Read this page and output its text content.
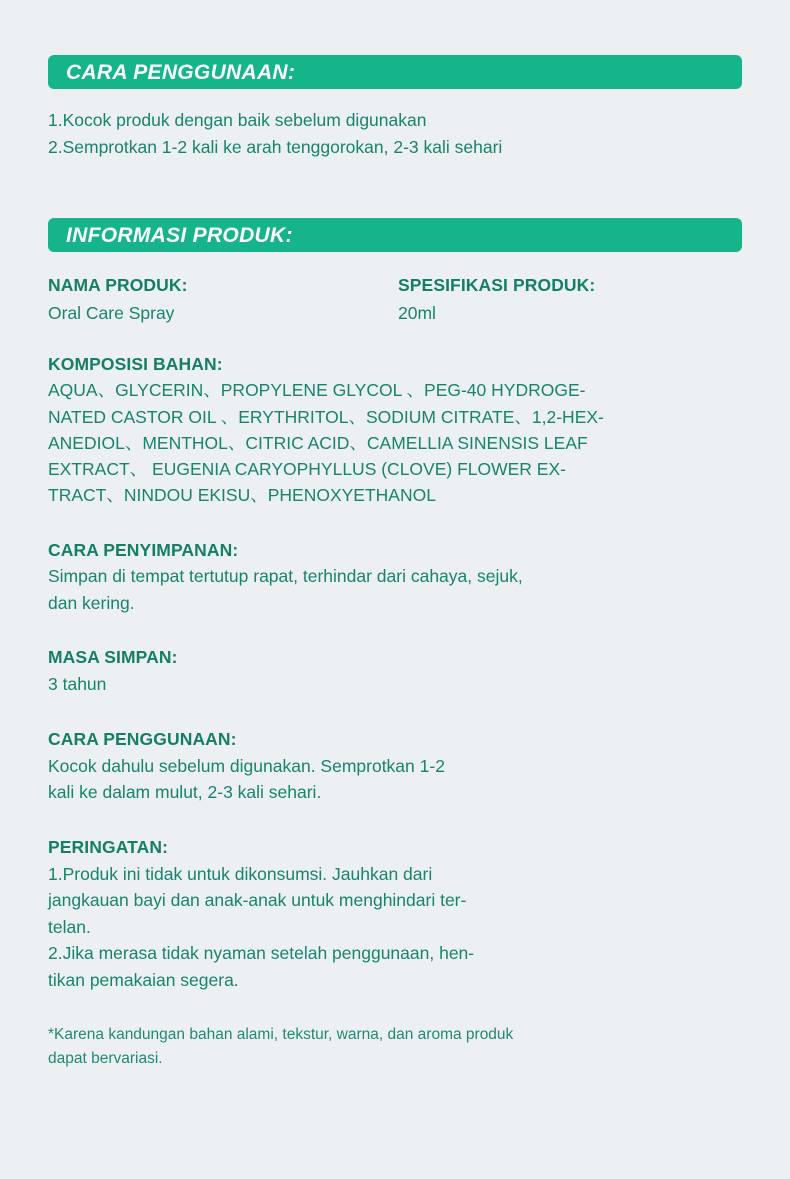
CARA PENGGUNAAN:
1.Kocok produk dengan baik sebelum digunakan
2.Semprotkan 1-2 kali ke arah tenggorokan, 2-3 kali sehari
INFORMASI PRODUK:
NAMA PRODUK:
Oral Care Spray
SPESIFIKASI PRODUK:
20ml
KOMPOSISI BAHAN:
AQUA、GLYCERIN、PROPYLENE GLYCOL 、PEG-40 HYDROGE-
NATED CASTOR OIL 、ERYTHRITOL、SODIUM CITRATE、1,2-HEX-
ANEDIOL、MENTHOL、CITRIC ACID、CAMELLIA SINENSIS LEAF
EXTRACT、 EUGENIA CARYOPHYLLUS (CLOVE) FLOWER EX-
TRACT、NINDOU EKISU、PHENOXYETHANOL
CARA PENYIMPANAN:
Simpan di tempat tertutup rapat, terhindar dari cahaya, sejuk,
dan kering.
MASA SIMPAN:
3 tahun
CARA PENGGUNAAN:
Kocok dahulu sebelum digunakan. Semprotkan 1-2
kali ke dalam mulut, 2-3 kali sehari.
PERINGATAN:
1.Produk ini tidak untuk dikonsumsi. Jauhkan dari
jangkauan bayi dan anak-anak untuk menghindari ter-
telan.
2.Jika merasa tidak nyaman setelah penggunaan, hen-
tikan pemakaian segera.
*Karena kandungan bahan alami, tekstur, warna, dan aroma produk
dapat bervariasi.
